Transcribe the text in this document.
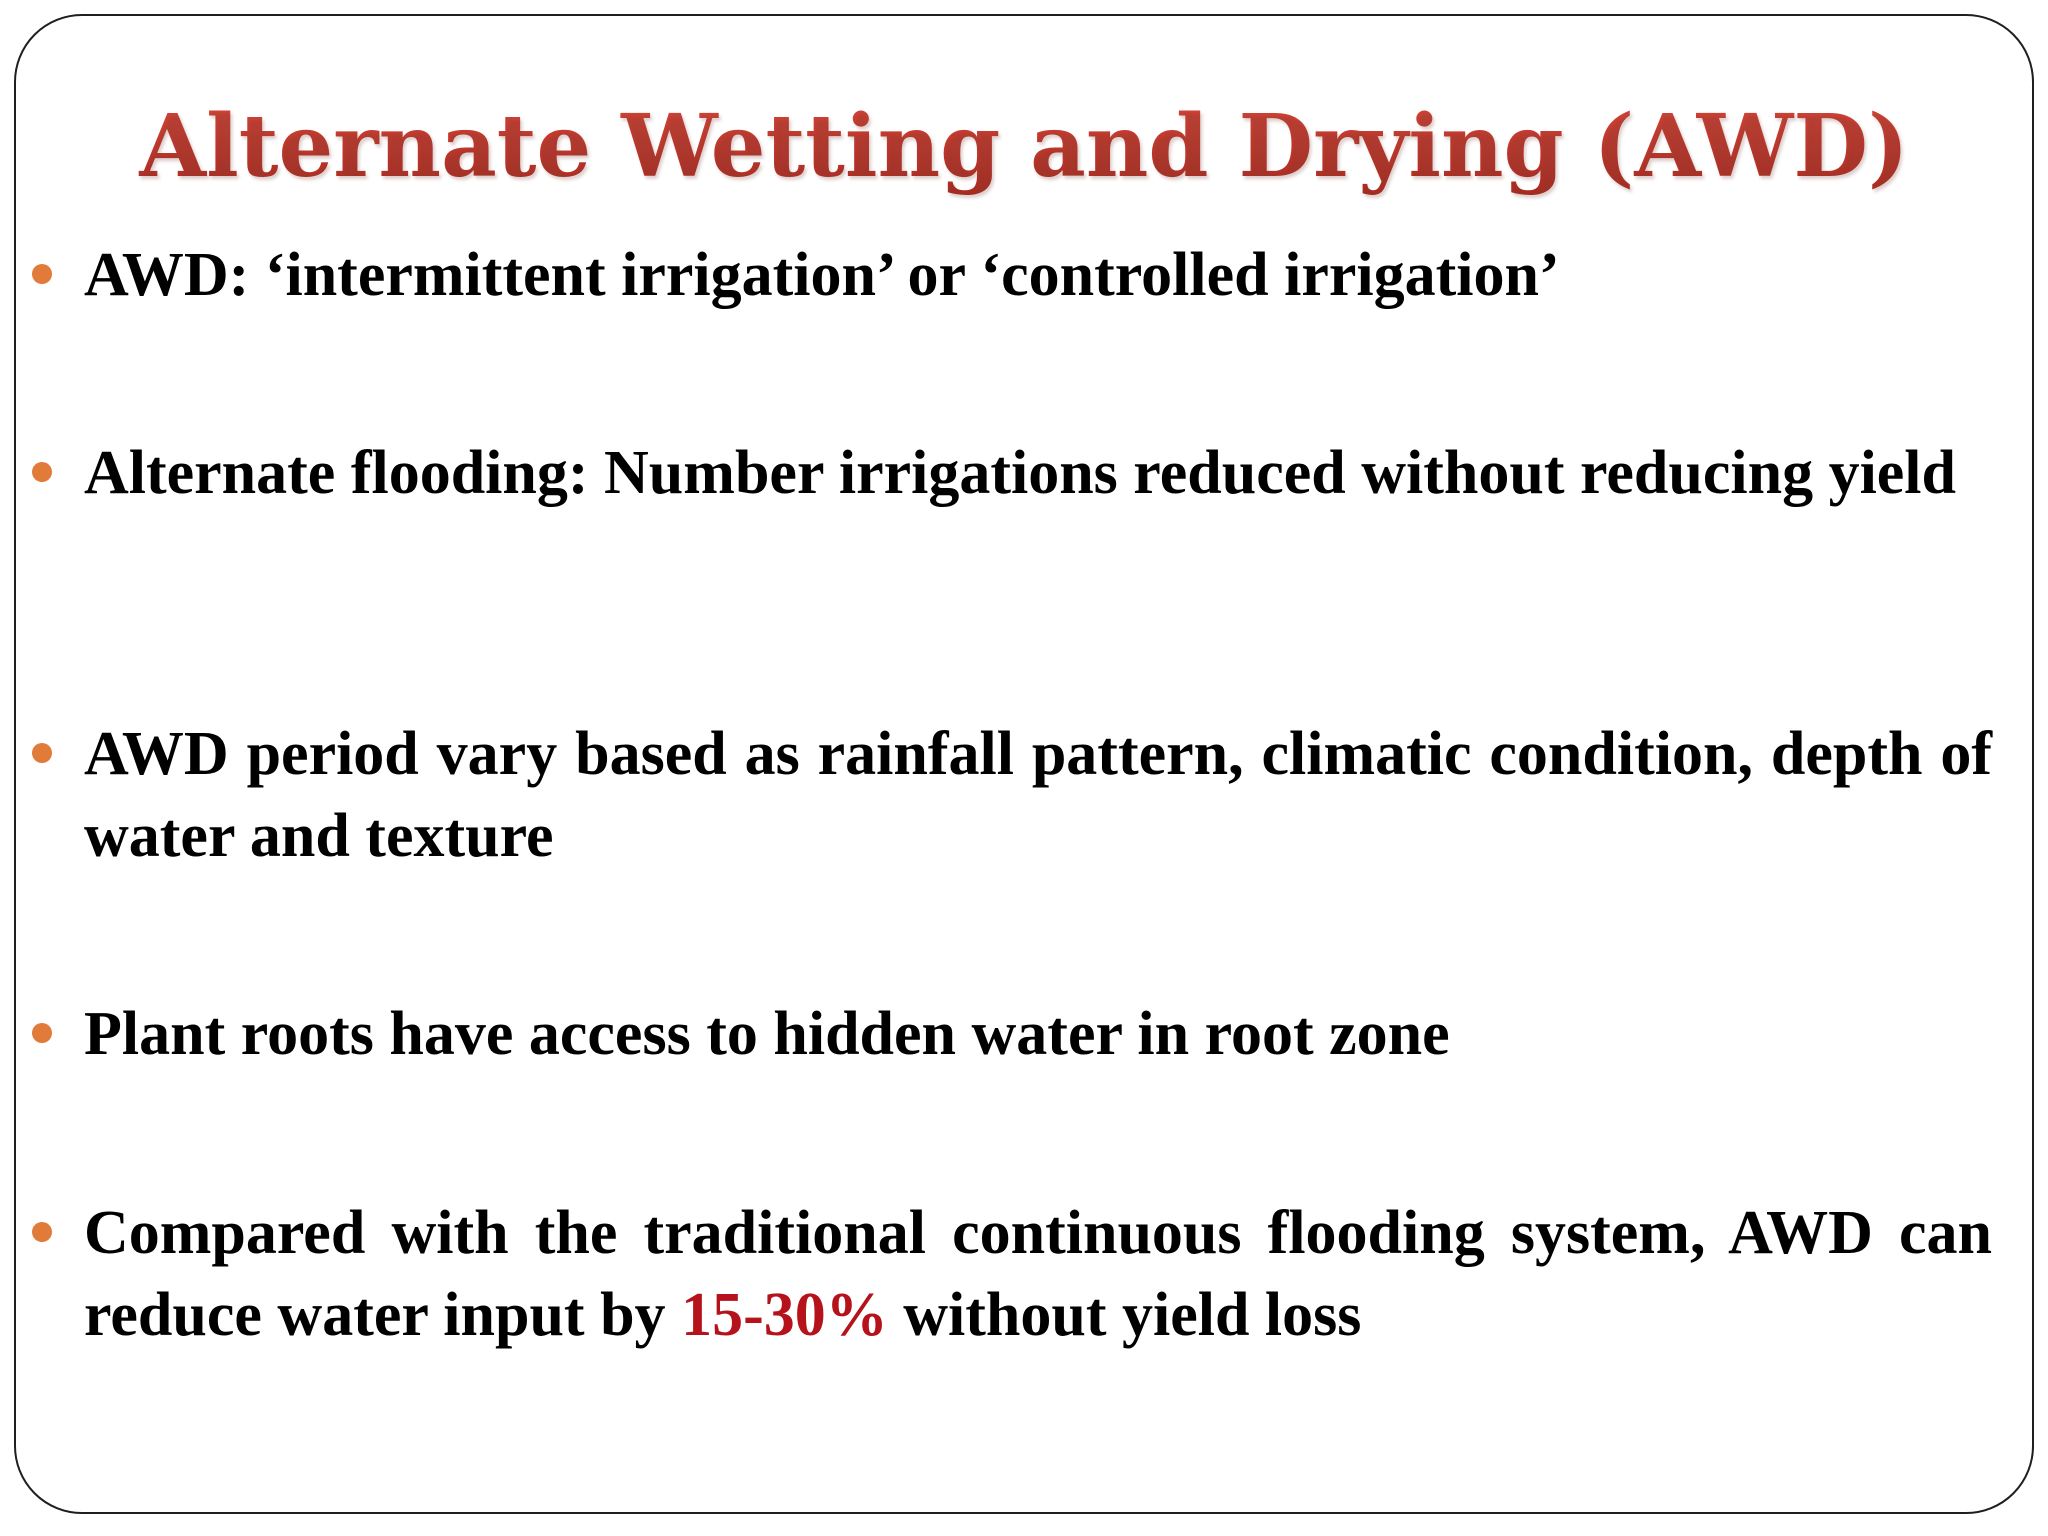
Alternate Wetting and Drying (AWD)
AWD: ‘intermittent irrigation’ or ‘controlled irrigation’
Alternate flooding: Number irrigations reduced without reducing yield
AWD period vary based as rainfall pattern, climatic condition, depth of water and texture
Plant roots have access to hidden water in root zone
Compared with the traditional continuous flooding system, AWD can reduce water input by 15-30% without yield loss
